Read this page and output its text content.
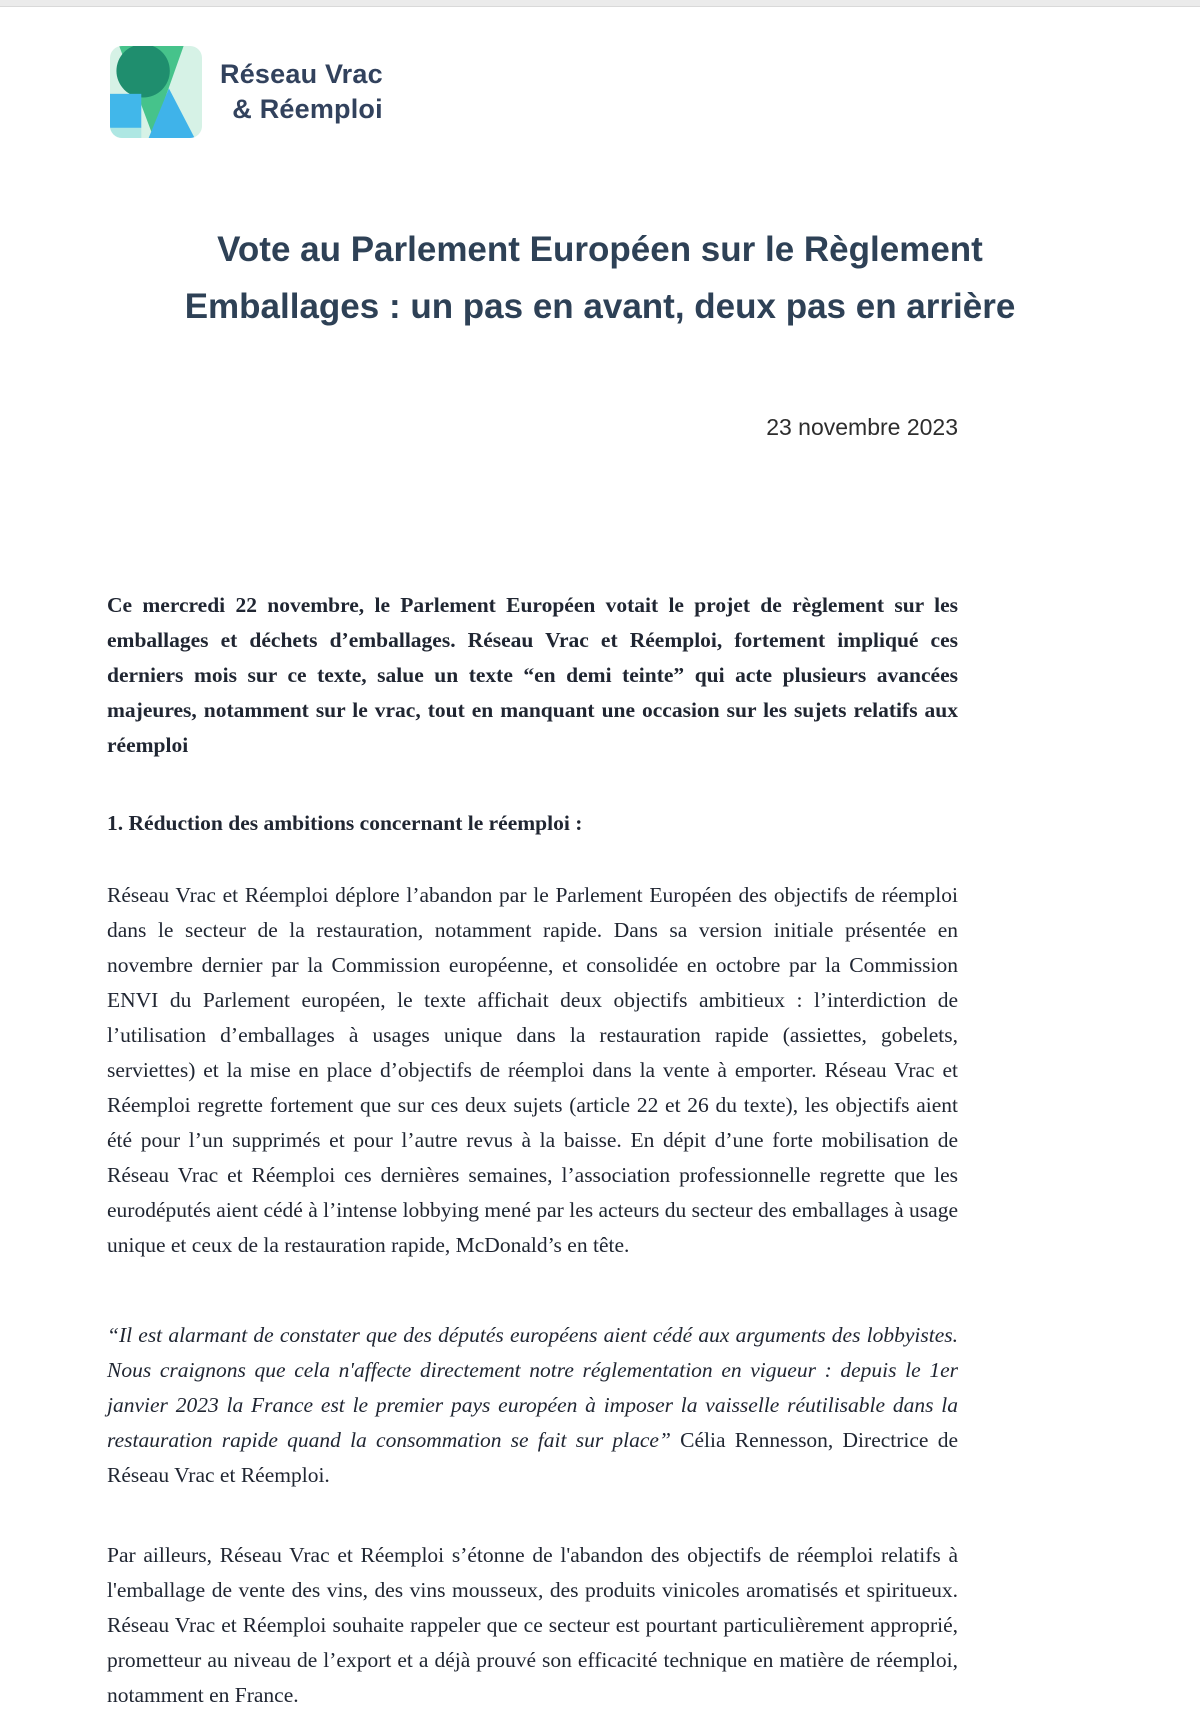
Réseau Vrac
& Réemploi
Vote au Parlement Européen sur le Règlement
Emballages : un pas en avant, deux pas en arrière
23 novembre 2023

Ce mercredi 22 novembre, le Parlement Européen votait le projet de règlement sur les emballages et déchets d’emballages. Réseau Vrac et Réemploi, fortement impliqué ces derniers mois sur ce texte, salue un texte “en demi teinte” qui acte plusieurs avancées majeures, notamment sur le vrac, tout en manquant une occasion sur les sujets relatifs aux réemploi

1. Réduction des ambitions concernant le réemploi :

Réseau Vrac et Réemploi déplore l’abandon par le Parlement Européen des objectifs de réemploi dans le secteur de la restauration, notamment rapide. Dans sa version initiale présentée en novembre dernier par la Commission européenne, et consolidée en octobre par la Commission ENVI du Parlement européen, le texte affichait deux objectifs ambitieux : l’interdiction de l’utilisation d’emballages à usages unique dans la restauration rapide (assiettes, gobelets, serviettes) et la mise en place d’objectifs de réemploi dans la vente à emporter. Réseau Vrac et Réemploi regrette fortement que sur ces deux sujets (article 22 et 26 du texte), les objectifs aient été pour l’un supprimés et pour l’autre revus à la baisse. En dépit d’une forte mobilisation de Réseau Vrac et Réemploi ces dernières semaines, l’association professionnelle regrette que les eurodéputés aient cédé à l’intense lobbying mené par les acteurs du secteur des emballages à usage unique et ceux de la restauration rapide, McDonald’s en tête.

“Il est alarmant de constater que des députés européens aient cédé aux arguments des lobbyistes. Nous craignons que cela n'affecte directement notre réglementation en vigueur : depuis le 1er janvier 2023 la France est le premier pays européen à imposer la vaisselle réutilisable dans la restauration rapide quand la consommation se fait sur place” Célia Rennesson, Directrice de Réseau Vrac et Réemploi.

Par ailleurs, Réseau Vrac et Réemploi s’étonne de l'abandon des objectifs de réemploi relatifs à l'emballage de vente des vins, des vins mousseux, des produits vinicoles aromatisés et spiritueux. Réseau Vrac et Réemploi souhaite rappeler que ce secteur est pourtant particulièrement approprié, prometteur au niveau de l’export et a déjà prouvé son efficacité technique en matière de réemploi, notamment en France.
